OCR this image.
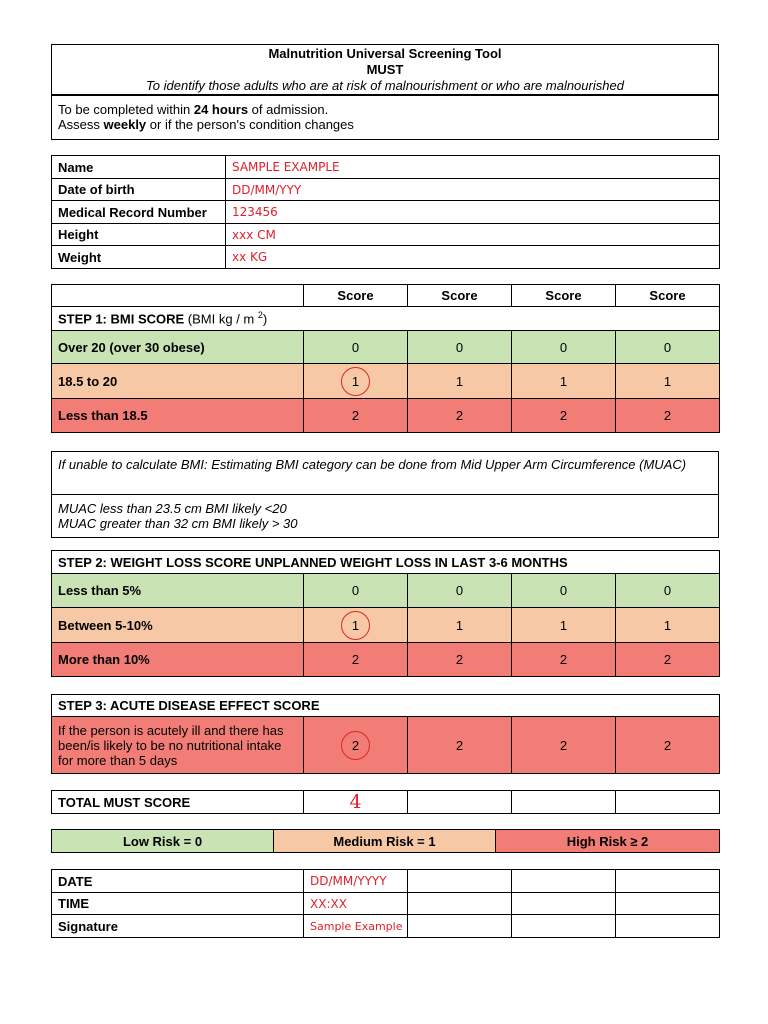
Malnutrition Universal Screening Tool
MUST
To identify those adults who are at risk of malnourishment or who are malnourished
To be completed within 24 hours of admission.
Assess weekly or if the person's condition changes
Name	SAMPLE EXAMPLE
Date of birth	DD/MM/YYY
Medical Record Number	123456
Height	xxx CM
Weight	xx KG
	Score	Score	Score	Score
STEP 1: BMI SCORE (BMI kg / m $^2$)				
Over 20 (over 30 obese)	0	0	0	0
18.5 to 20	1	1	1	1
Less than 18.5	2	2	2	2
If unable to calculate BMI: Estimating BMI category can be done from Mid Upper Arm Circumference (MUAC)
MUAC less than 23.5 cm BMI likely <20
MUAC greater than 32 cm BMI likely > 30
STEP 2: WEIGHT LOSS SCORE UNPLANNED WEIGHT LOSS IN LAST 3-6 MONTHS				
Less than 5%	0	0	0	0
Between 5-10%	1	1	1	1
More than 10%	2	2	2	2
STEP 3: ACUTE DISEASE EFFECT SCORE
If the person is acutely ill and there has been/is likely to be no nutritional intake for more than 5 days	2	2	2	2
TOTAL MUST SCORE	4			
Low Risk = 0	Medium Risk = 1	High Risk ≥ 2
DATE	DD/MM/YYYY			
TIME	XX:XX			
Signature	Sample Example			
